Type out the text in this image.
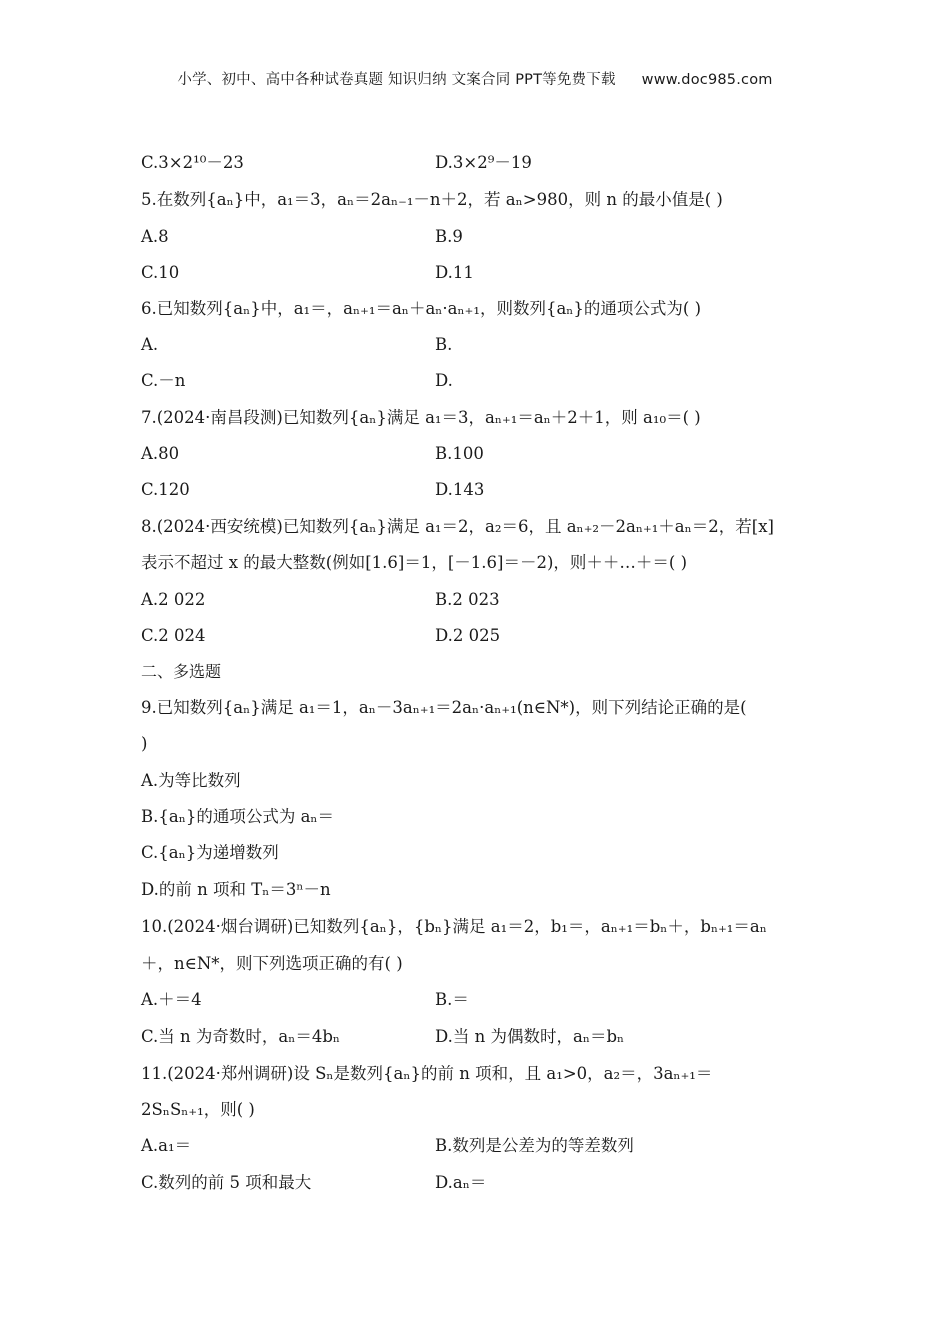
小学、初中、高中各种试卷真题 知识归纳 文案合同 PPT等免费下载 www.doc985.com
C.3×2¹⁰－23	D.3×2⁹－19
5.在数列{aₙ}中，a₁＝3，aₙ＝2aₙ₋₁－n＋2，若 aₙ>980，则 n 的最小值是( )
A.8	B.9
C.10	D.11
6.已知数列{aₙ}中，a₁＝，aₙ₊₁＝aₙ＋aₙ·aₙ₊₁，则数列{aₙ}的通项公式为( )
A.	B.
C.－n	D.
7.(2024·南昌段测)已知数列{aₙ}满足 a₁＝3，aₙ₊₁＝aₙ＋2＋1，则 a₁₀＝( )
A.80	B.100
C.120	D.143
8.(2024·西安统模)已知数列{aₙ}满足 a₁＝2，a₂＝6，且 aₙ₊₂－2aₙ₊₁＋aₙ＝2，若[x]
表示不超过 x 的最大整数(例如[1.6]＝1，[－1.6]＝－2)，则＋＋…＋＝( )
A.2 022	B.2 023
C.2 024	D.2 025
二、多选题
9.已知数列{aₙ}满足 a₁＝1，aₙ－3aₙ₊₁＝2aₙ·aₙ₊₁(n∈N*)，则下列结论正确的是(
)
A.为等比数列
B.{aₙ}的通项公式为 aₙ＝
C.{aₙ}为递增数列
D.的前 n 项和 Tₙ＝3ⁿ－n
10.(2024·烟台调研)已知数列{aₙ}，{bₙ}满足 a₁＝2，b₁＝，aₙ₊₁＝bₙ＋，bₙ₊₁＝aₙ
＋，n∈N*，则下列选项正确的有( )
A.＋＝4	B.＝
C.当 n 为奇数时，aₙ＝4bₙ	D.当 n 为偶数时，aₙ＝bₙ
11.(2024·郑州调研)设 Sₙ是数列{aₙ}的前 n 项和，且 a₁>0，a₂＝，3aₙ₊₁＝
2SₙSₙ₊₁，则( )
A.a₁＝	B.数列是公差为的等差数列
C.数列的前 5 项和最大	D.aₙ＝
